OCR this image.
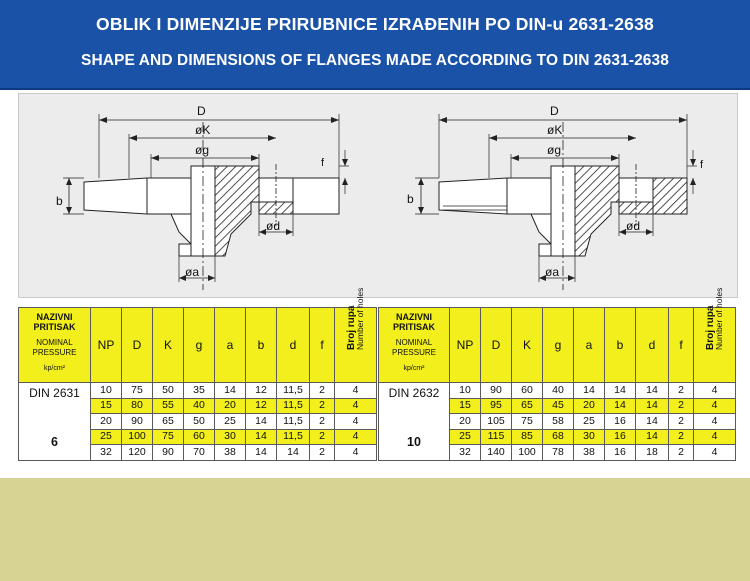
OBLIK I DIMENZIJE PRIRUBNICE IZRAĐENIH PO DIN-u 2631-2638
SHAPE AND DIMENSIONS OF FLANGES MADE ACCORDING TO DIN 2631-2638
D
øK
øg
f
b
ød
øa
D
øK
øg
f
b
ød
øa
NAZIVNI PRITISAK
NOMINAL PRESSURE
kp/cm²	NP	D	K	g	a	b	d	f	Broj rupa
Number of holes
DIN 2631
6	10	75	50	35	14	12	11,5	2	4
	15	80	55	40	20	12	11,5	2	4
	20	90	65	50	25	14	11,5	2	4
	25	100	75	60	30	14	11,5	2	4
	32	120	90	70	38	14	14	2	4
NAZIVNI PRITISAK
NOMINAL PRESSURE
kp/cm²	NP	D	K	g	a	b	d	f	Broj rupa
Number of holes
DIN 2632
10	10	90	60	40	14	14	14	2	4
	15	95	65	45	20	14	14	2	4
	20	105	75	58	25	16	14	2	4
	25	115	85	68	30	16	14	2	4
	32	140	100	78	38	16	18	2	4
